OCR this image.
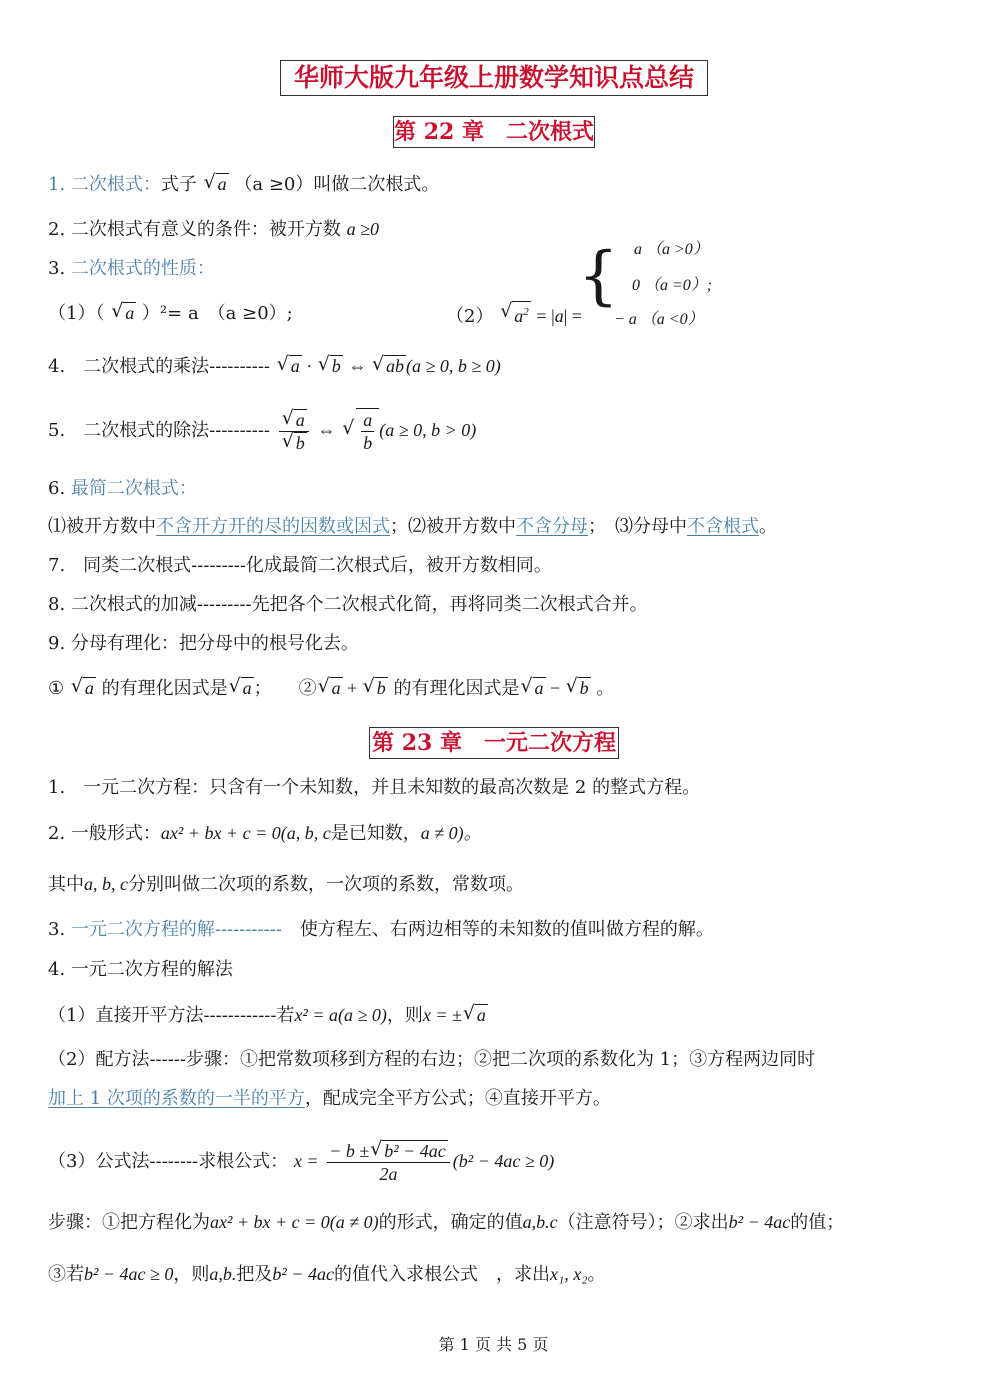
华师大版九年级上册数学知识点总结
第 22 章　二次根式
1. 二次根式：式子 √ a （a ≥0）叫做二次根式。
2. 二次根式有意义的条件：被开方数 a ≥0
3. 二次根式的性质：
（1）（ √ a ）²= a　（a ≥0）;	（2） √ $a^2 = |a|$ =
{ a （a >0）
0 （a =0）;
− a （a <0）
4.　二次根式的乘法---------- √ a · √ b ⇔ √ ab (a ≥ 0, b ≥ 0)
5.　二次根式的除法---------- √ a
√ b ⇔ √ $\frac{a}{b} (a \ge 0$, b > 0)
6. 最简二次根式：
⑴被开方数中不含开方开的尽的因数或因式；⑵被开方数中不含分母；　⑶分母中不含根式。
7.　同类二次根式---------化成最简二次根式后，被开方数相同。
8. 二次根式的加减---------先把各个二次根式化简，再将同类二次根式合并。
9. 分母有理化：把分母中的根号化去。
① √ a 的有理化因式是 √ a ；　　② √ a + √ b 的有理化因式是 √ a − √ b 。
第 23 章　一元二次方程
1.　一元二次方程：只含有一个未知数，并且未知数的最高次数是 2 的整式方程。
2. 一般形式：ax² + bx + c = 0(a, b, c是已知数，a ≠ 0)。
其中a, b, c分别叫做二次项的系数，一次项的系数，常数项。
3. 一元二次方程的解-----------　使方程左、右两边相等的未知数的值叫做方程的解。
4. 一元二次方程的解法
（1）直接开平方法------------若x² = a(a ≥ 0)，则x = ± √ a
（2）配方法------步骤：①把常数项移到方程的右边；②把二次项的系数化为 1；③方程两边同时
加上 1 次项的系数的一半的平方，配成完全平方公式；④直接开平方。
（3）公式法--------求根公式： $x = \frac{\text{− b ± √ b² − 4ac}}{2a} (b^2 - 4ac \ge 0)$
步骤：①把方程化为ax² + bx + c = 0(a ≠ 0)的形式，确定的值a,b.c（注意符号）；②求出b² − 4ac的值；
③若b² − 4ac ≥ 0，则a,b.把及b² − 4ac的值代入求根公式　，求出x₁, x₂。
第 1 页 共 5 页
